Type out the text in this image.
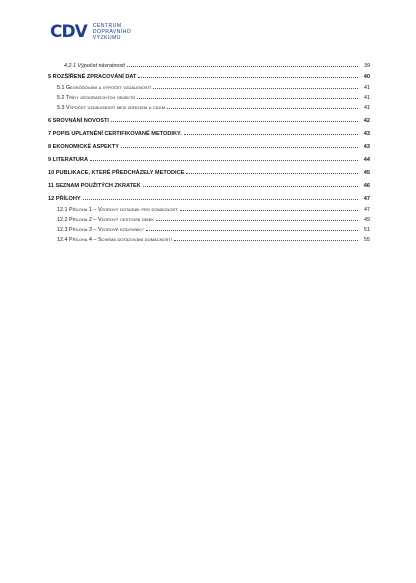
CDV CENTRUM
DOPRAVNÍHO
VÝZKUMU
4.2.1 Výpočet návratnosti	39
5 ROZŠÍŘENÉ ZPRACOVÁNÍ DAT	40
5.1 Geokódování a výpočet vzdáleností	41
5.2 Třídy geografických objektů	41
5.3 Výpočet vzdálenosti mezi zdrojem a cílem	41
6 SROVNÁNÍ NOVOSTI	42
7 POPIS UPLATNĚNÍ CERTIFIKOVANÉ METODIKY.	43
8 EKONOMICKÉ ASPEKTY	43
9 LITERATURA	44
10 PUBLIKACE, KTERÉ PŘEDCHÁZELY METODICE	45
11 SEZNAM POUŽITÝCH ZKRATEK	46
12 PŘÍLOHY	47
12.1 Příloha 1 – Vzorový dotazník pro domácnost	47
12.2 Příloha 2 – Vzorový cestovní deník	49
12.3 Příloha 3 – Vzorové kódovníky	51
12.4 Příloha 4 – Schéma dotazování domácnosti	55
